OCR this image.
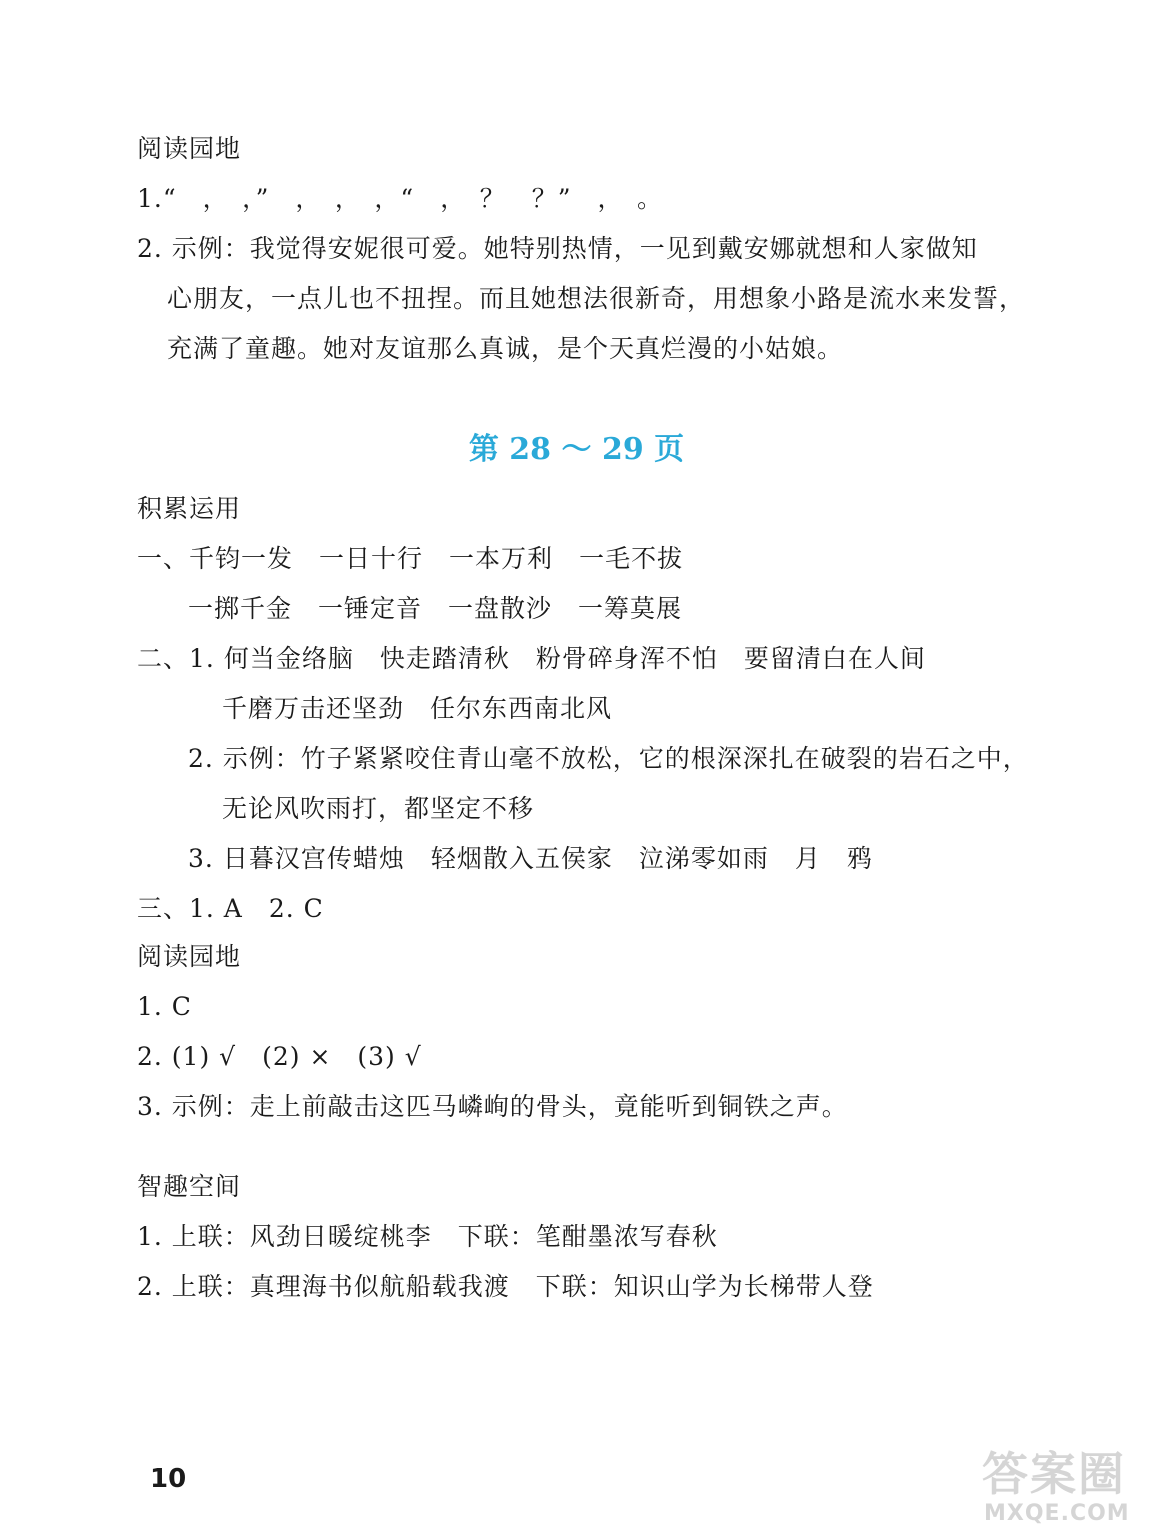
阅读园地
1.“　，　，”　，　，　，“　，　？　？”　，　。
2. 示例：我觉得安妮很可爱。她特别热情，一见到戴安娜就想和人家做知
心朋友，一点儿也不扭捏。而且她想法很新奇，用想象小路是流水来发誓，
充满了童趣。她对友谊那么真诚，是个天真烂漫的小姑娘。
第 28 ～ 29 页
积累运用
一、千钧一发 一日十行 一本万利 一毛不拔
一掷千金 一锤定音 一盘散沙 一筹莫展
二、1. 何当金络脑 快走踏清秋 粉骨碎身浑不怕 要留清白在人间
千磨万击还坚劲 任尔东西南北风
2. 示例：竹子紧紧咬住青山毫不放松，它的根深深扎在破裂的岩石之中，
无论风吹雨打，都坚定不移
3. 日暮汉宫传蜡烛 轻烟散入五侯家 泣涕零如雨 月 鸦
三、1. A　2. C
阅读园地
1. C
2. (1) √　(2) ×　(3) √
3. 示例：走上前敲击这匹马嶙峋的骨头，竟能听到铜铁之声。
智趣空间
1. 上联：风劲日暖绽桃李　下联：笔酣墨浓写春秋
2. 上联：真理海书似航船载我渡　下联：知识山学为长梯带人登
10	答案圈
MXQE.COM
